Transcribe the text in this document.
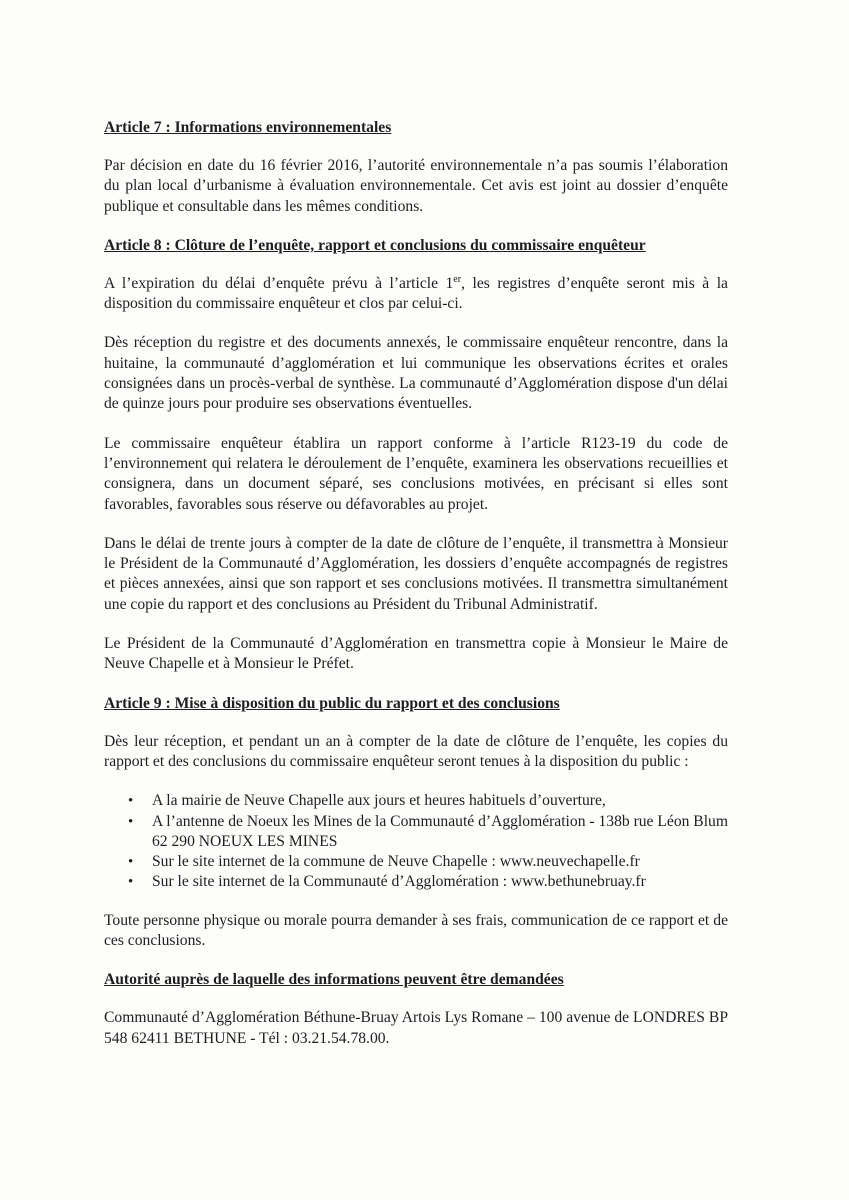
Article 7 : Informations environnementales

Par décision en date du 16 février 2016, l’autorité environnementale n’a pas soumis l’élaboration du plan local d’urbanisme à évaluation environnementale. Cet avis est joint au dossier d’enquête publique et consultable dans les mêmes conditions.

Article 8 : Clôture de l’enquête, rapport et conclusions du commissaire enquêteur

A l’expiration du délai d’enquête prévu à l’article 1er, les registres d’enquête seront mis à la disposition du commissaire enquêteur et clos par celui-ci.

Dès réception du registre et des documents annexés, le commissaire enquêteur rencontre, dans la huitaine, la communauté d’agglomération et lui communique les observations écrites et orales consignées dans un procès-verbal de synthèse. La communauté d’Agglomération dispose d'un délai de quinze jours pour produire ses observations éventuelles.

Le commissaire enquêteur établira un rapport conforme à l’article R123-19 du code de l’environnement qui relatera le déroulement de l’enquête, examinera les observations recueillies et consignera, dans un document séparé, ses conclusions motivées, en précisant si elles sont favorables, favorables sous réserve ou défavorables au projet.

Dans le délai de trente jours à compter de la date de clôture de l’enquête, il transmettra à Monsieur le Président de la Communauté d’Agglomération, les dossiers d’enquête accompagnés de registres et pièces annexées, ainsi que son rapport et ses conclusions motivées. Il transmettra simultanément une copie du rapport et des conclusions au Président du Tribunal Administratif.

Le Président de la Communauté d’Agglomération en transmettra copie à Monsieur le Maire de Neuve Chapelle et à Monsieur le Préfet.

Article 9 : Mise à disposition du public du rapport et des conclusions

Dès leur réception, et pendant un an à compter de la date de clôture de l’enquête, les copies du rapport et des conclusions du commissaire enquêteur seront tenues à la disposition du public :

• A la mairie de Neuve Chapelle aux jours et heures habituels d’ouverture,
• A l’antenne de Noeux les Mines de la Communauté d’Agglomération - 138b rue Léon Blum 62 290 NOEUX LES MINES
• Sur le site internet de la commune de Neuve Chapelle : www.neuvechapelle.fr
• Sur le site internet de la Communauté d’Agglomération : www.bethunebruay.fr

Toute personne physique ou morale pourra demander à ses frais, communication de ce rapport et de ces conclusions.

Autorité auprès de laquelle des informations peuvent être demandées

Communauté d’Agglomération Béthune-Bruay Artois Lys Romane – 100 avenue de LONDRES BP 548 62411 BETHUNE - Tél : 03.21.54.78.00.
